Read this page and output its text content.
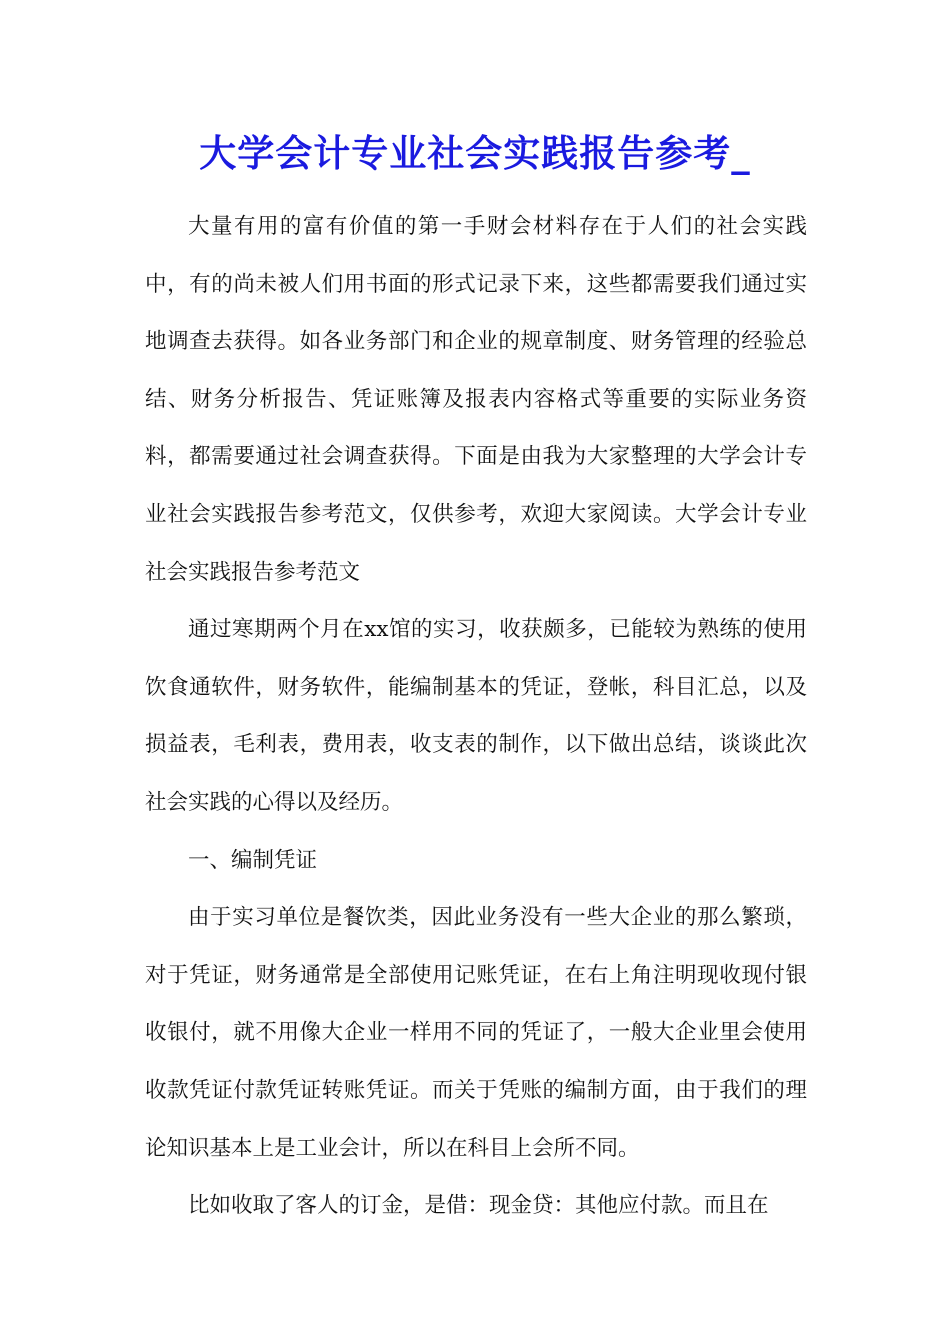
大学会计专业社会实践报告参考_

大量有用的富有价值的第一手财会材料存在于人们的社会实践中，有的尚未被人们用书面的形式记录下来，这些都需要我们通过实地调查去获得。如各业务部门和企业的规章制度、财务管理的经验总结、财务分析报告、凭证账簿及报表内容格式等重要的实际业务资料，都需要通过社会调查获得。下面是由我为大家整理的大学会计专业社会实践报告参考范文，仅供参考，欢迎大家阅读。大学会计专业社会实践报告参考范文

通过寒期两个月在xx馆的实习，收获颇多，已能较为熟练的使用饮食通软件，财务软件，能编制基本的凭证，登帐，科目汇总，以及损益表，毛利表，费用表，收支表的制作，以下做出总结，谈谈此次社会实践的心得以及经历。

一、编制凭证

由于实习单位是餐饮类，因此业务没有一些大企业的那么繁琐，对于凭证，财务通常是全部使用记账凭证，在右上角注明现收现付银收银付，就不用像大企业一样用不同的凭证了，一般大企业里会使用收款凭证付款凭证转账凭证。而关于凭账的编制方面，由于我们的理论知识基本上是工业会计，所以在科目上会所不同。

比如收取了客人的订金，是借：现金贷：其他应付款。而且在
